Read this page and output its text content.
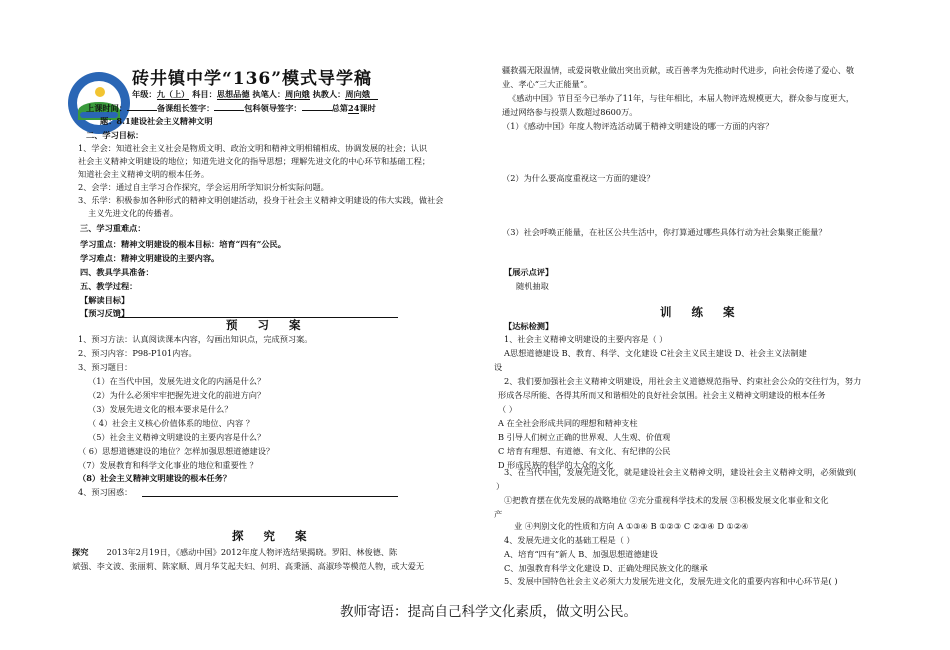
砖井镇中学“136”模式导学稿
年级：九（上） 科目：思想品德 执笔人：周向娥 执教人：周向娥
上课时间：	备课组长签字：	包科领导签字：	总第24课时
题：8.1建设社会主义精神文明
二、学习目标：
1、学会：知道社会主义社会是物质文明、政治文明和精神文明相辅相成、协调发展的社会；认识
社会主义精神文明建设的地位；知道先进文化的指导思想；理解先进文化的中心环节和基础工程；
知道社会主义精神文明的根本任务。
2、会学：通过自主学习合作探究，学会运用所学知识分析实际问题。
3、乐学：积极参加各种形式的精神文明创建活动，投身于社会主义精神文明建设的伟大实践，做社会
主义先进文化的传播者。
三、学习重难点：
学习重点：精神文明建设的根本目标：培育“四有”公民。
学习难点：精神文明建设的主要内容。
四、教具学具准备：
五、教学过程：
【解读目标】
【预习反馈】
预 习 案
1、预习方法：认真阅读课本内容，勾画出知识点，完成预习案。
2、预习内容：P98-P101内容。
3、预习题目：
（1）在当代中国，发展先进文化的内涵是什么？
（2）为什么必须牢牢把握先进文化的前进方向？
（3）发展先进文化的根本要求是什么？
（ 4）社会主义核心价值体系的地位、内容 ？
（5）社会主义精神文明建设的主要内容是什么？
（ 6）思想道德建设的地位？怎样加强思想道德建设？
（7）发展教育和科学文化事业的地位和重要性 ？
（8）社会主义精神文明建设的根本任务？
4、预习困惑：
探 究 案
探究 2013年2月19日，《感动中国》2012年度人物评选结果揭晓。罗阳、林俊德、陈
斌强、李文波、张丽莉、陈家顺、周月华艾起夫妇、何玥、高秉涵、高淑珍等模范人物，或大爱无
疆救孺无限温情，或爱岗敬业做出突出贡献，或百善孝为先推动时代进步，向社会传递了爱心、敬
业、孝心“三大正能量”。
《感动中国》节目至今已举办了11年，与往年相比，本届人物评选规模更大，群众参与度更大，
通过网络参与投票人数超过8600万。
（1）《感动中国》年度人物评选活动属于精神文明建设的哪一方面的内容？
（2）为什么要高度重视这一方面的建设？
（3）社会呼唤正能量，在社区公共生活中，你打算通过哪些具体行动为社会集聚正能量？
【展示点评】
随机抽取
训 练 案
【达标检测】
1、社会主义精神文明建设的主要内容是（ ）
A思想道德建设 B、教育、科学、文化建设 C社会主义民主建设 D、社会主义法制建
设
2、我们要加强社会主义精神文明建设，用社会主义道德规范指导、约束社会公众的交往行为，努力
形成各尽所能、各得其所而又和谐相处的良好社会氛围。社会主义精神文明建设的根本任务
（ ）
A 在全社会形成共同的理想和精神支柱
B 引导人们树立正确的世界观、人生观、价值观
C 培育有理想、有道德、有文化、有纪律的公民
D 形成民族的科学的大众的文化
3、在当代中国，发展先进文化，就是建设社会主义精神文明，建设社会主义精神文明，必须做到(
）
①把教育摆在优先发展的战略地位 ②充分重视科学技术的发展 ③积极发展文化事业和文化
产
业 ④判别文化的性质和方向 A ①③④ B ①②③ C ②③④ D ①②④
4、发展先进文化的基础工程是（ ）
A、培育“四有”新人 B、加强思想道德建设
C、加强教育科学文化建设 D、正确处理民族文化的继承
5、发展中国特色社会主义必须大力发展先进文化，发展先进文化的重要内容和中心环节是( )
教师寄语：提高自己科学文化素质，做文明公民。
